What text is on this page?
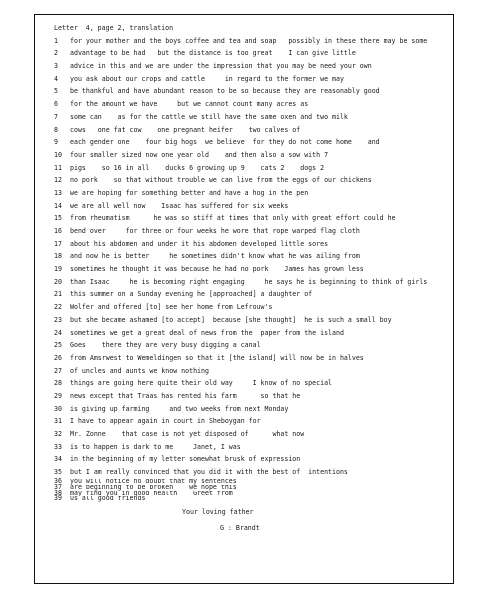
Letter  4, page 2, translation
1	for your mother and the boys coffee and tea and soap   possibly in these there may be some
2	advantage to be had   but the distance is too great    I can give little
3	advice in this and we are under the impression that you may be need your own
4	you ask about our crops and cattle     in regard to the former we may
5	be thankful and have abundant reason to be so because they are reasonably good
6	for the amount we have     but we cannot count many acres as
7	some can    as for the cattle we still have the same oxen and two milk
8	cows   one fat cow    one pregnant heifer    two calves of
9	each gender one    four big hogs  we believe  for they do not come home    and
10	four smaller sized now one year old    and then also a sow with 7
11	pigs    so 16 in all    ducks 6 growing up 9    cats 2    dogs 2
12	no pork    so that without trouble we can live from the eggs of our chickens
13	we are hoping for something better and have a hog in the pen
14	we are all well now    Isaac has suffered for six weeks
15	from rheumatism      he was so stiff at times that only with great effort could he
16	bend over     for three or four weeks he wore that rope warped flag cloth
17	about his abdomen and under it his abdomen developed little sores
18	and now he is better     he sometimes didn't know what he was ailing from
19	sometimes he thought it was because he had no pork    James has grown less
20	than Isaac     he is becoming right engaging     he says he is beginning to think of girls
21	this summer on a Sunday evening he [approached] a daughter of
22	Wolfer and offered [to] see her home from Lefrouw's
23	but she became ashamed [to accept]  because [she thought]  he is such a small boy
24	sometimes we get a great deal of news from the  paper from the island
25	Goes    there they are very busy digging a canal
26	from Amsrwest to Wemeldingen so that it [the island] will now be in halves
27	of uncles and aunts we know nothing
28	things are going here quite their old way     I know of no special
29	news except that Traas has rented his farm      so that he
30	is giving up farming     and two weeks from next Monday
31	I have to appear again in court in Sheboygan for
32	Mr. Zonne    that case is not yet disposed of      what now
33	is to happen is dark to me     Janet, I was
34	in the beginning of my letter somewhat brusk of expression
35	but I am really convinced that you did it with the best of  intentions
36	you will notice no doubt that my sentences
37	are beginning to be broken    we hope this
38	may find you in good health    Greet from
39	us all good friends
Your loving father
G : Brandt
